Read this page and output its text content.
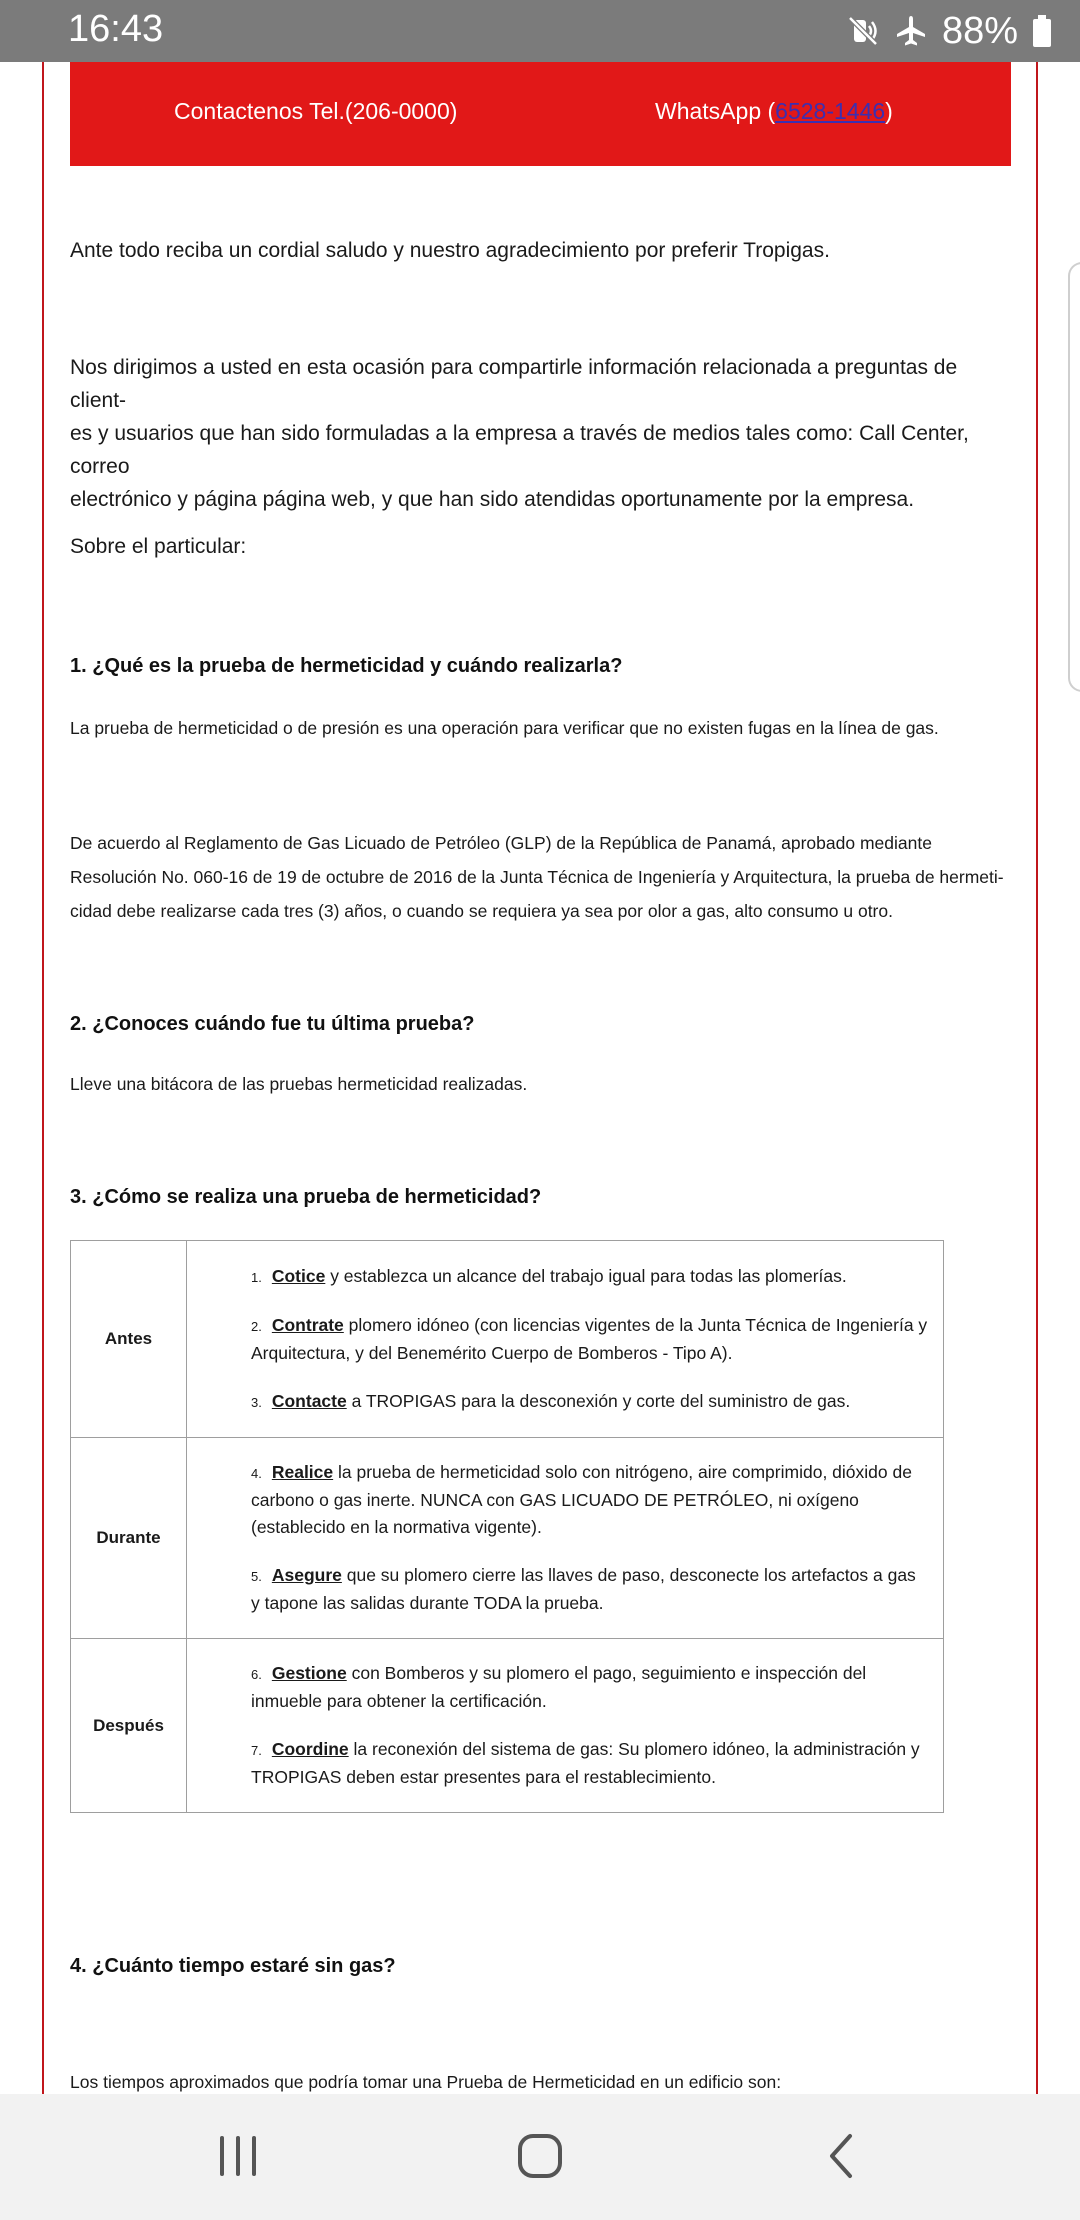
16:43	88%
Contactenos Tel.(206-0000)	WhatsApp (6528-1446)
Ante todo reciba un cordial saludo y nuestro agradecimiento por preferir Tropigas.
Nos dirigimos a usted en esta ocasión para compartirle información relacionada a preguntas de client-
es y usuarios que han sido formuladas a la empresa a través de medios tales como: Call Center, correo
electrónico y página página web, y que han sido atendidas oportunamente por la empresa.
Sobre el particular:
1. ¿Qué es la prueba de hermeticidad y cuándo realizarla?
La prueba de hermeticidad o de presión es una operación para verificar que no existen fugas en la línea de gas.
De acuerdo al Reglamento de Gas Licuado de Petróleo (GLP) de la República de Panamá, aprobado mediante
Resolución No. 060-16 de 19 de octubre de 2016 de la Junta Técnica de Ingeniería y Arquitectura, la prueba de hermeti-
cidad debe realizarse cada tres (3) años, o cuando se requiera ya sea por olor a gas, alto consumo u otro.
2. ¿Conoces cuándo fue tu última prueba?
Lleve una bitácora de las pruebas hermeticidad realizadas.
3. ¿Cómo se realiza una prueba de hermeticidad?
Antes	1. Cotice y establezca un alcance del trabajo igual para todas las plomerías.

2. Contrate plomero idóneo (con licencias vigentes de la Junta Técnica de Ingeniería y Arquitectura, y del Benemérito Cuerpo de Bomberos - Tipo A).

3. Contacte a TROPIGAS para la desconexión y corte del suministro de gas.

Durante	4. Realice la prueba de hermeticidad solo con nitrógeno, aire comprimido, dióxido de carbono o gas inerte. NUNCA con GAS LICUADO DE PETRÓLEO, ni oxígeno (establecido en la normativa vigente).

5. Asegure que su plomero cierre las llaves de paso, desconecte los artefactos a gas y tapone las salidas durante TODA la prueba.

Después	6. Gestione con Bomberos y su plomero el pago, seguimiento e inspección del inmueble para obtener la certificación.

7. Coordine la reconexión del sistema de gas: Su plomero idóneo, la administración y TROPIGAS deben estar presentes para el restablecimiento.

4. ¿Cuánto tiempo estaré sin gas?
Los tiempos aproximados que podría tomar una Prueba de Hermeticidad en un edificio son:
